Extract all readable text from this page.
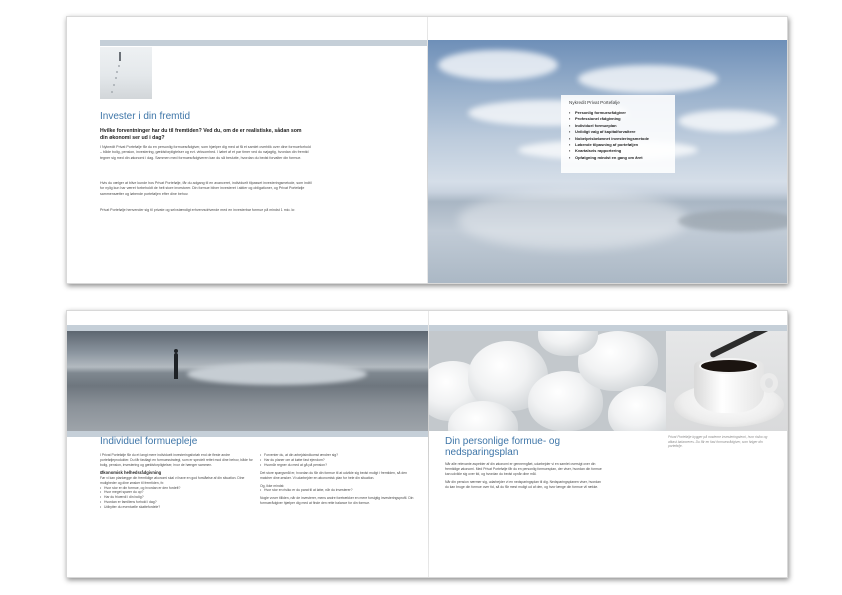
Invester i din fremtid
Hvilke forventninger har du til fremtiden? Ved du, om de er realistiske, sådan som din økonomi ser ud i dag?
I Nykredit Privat Portefølje får du en personlig formuesrådgiver, som hjælper dig med at få et samlet overblik over dine formueforhold – både bolig, pension, investering, gældsforpligtelser og evt. virksomhed. I løbet af et par timer ved du nøjagtig, hvordan din fremtid tegner sig med din økonomi i dag. Sammen med formuesrådgiveren kan du så beslutte, hvordan du bedst forvalter din formue.
Hvis du vælger at blive kunde hos Privat Portefølje, får du adgang til en avanceret, individuelt tilpasset investeringsmetode, som indtil for nylig kun har været forbeholdt de helt store investorer. Din formue bliver investeret i aktier og obligationer, og Privat Portefølje sammensætter og løbende porteføljen efter dine behov.
Privat Portefølje henvender sig til private og selvstændigt erhvervsdrivende med en investerbar formue på mindst 1 mio. kr.
Nykredit Privat Portefølje
▪ Personlig formuesrådgiver
▪ Professionel rådgivning
▪ Individuel formueplan
▪ Uvildigt valg af kapitalforvaltere
▪ Nobelprisbelønnet investeringsmetode
▪ Løbende tilpasning af porteføljen
▪ Kvartalsvis rapportering
▪ Opfølgning mindst en gang om året
Individuel formuepleje
I Privat Portefølje får du et langt mere individuelt investeringsforløb end de fleste andre porteføljeprodukter. Du får fastlagt en formuesstrategi, som er specielt rettet mod dine behov, både for bolig, pension, investering og gældsforpligtelser, hvor de hænger sammen.
Økonomisk helhedsrådgivning
Før vi kan planlægge din fremtidige økonomi skal vi have en god forståelse af din situation. Dine muligheder og dine ønsker til fremtiden, fx:
• Hvor stor er din formue, og hvordan er den fordelt?
• Hvor meget sparer du op?
• Har du friværdi i din bolig?
• Hvordan er familiens forhold i dag?
• Udbytter du eventuelle skattefordele?
• Forventer du, at din arbejdsindkomst ændrer sig?
• Har du planer om at købe fast ejendom?
• Hvornår regner du med at gå på pension?
Det store spørgsmål er, hvordan du får din formue til at udvikle sig bedst muligt i fremtiden, så den matcher dine ønsker. Vi udarbejder en økonomisk plan for hele din situation.
Og, ikke mindst:
• Hvor stor en risiko er du parat til at løbe, når du investerer?
Nogle vover tilliden, når de investerer, mens andre foretrækker en mere forsigtig investeringsprofil. Din formuerådgiver hjælper dig med at finde den rette balance for din formue.
Din personlige formue- og nedsparingsplan
Når alle relevante aspekter af din økonomi er gennemgået, udarbejder vi en samlet oversigt over din fremtidige økonomi. Med Privat Portefølje får du en personlig formuesplan, der viser, hvordan din formue kan udvikle sig over tid, og hvordan du bedst opnår dine mål.
Når din pension nærmer sig, udarbejder vi en nedsparingsplan til dig. Nedsparingsplanen viser, hvordan du kan bruge din formue over tid, så du får mest muligt ud af den, og hvor længe din formue vil række.
Privat Portefølje bygger på moderne investeringsteori, hvor risiko og afkast balanceres. Du får en fast formuesrådgiver, som følger din portefølje.
